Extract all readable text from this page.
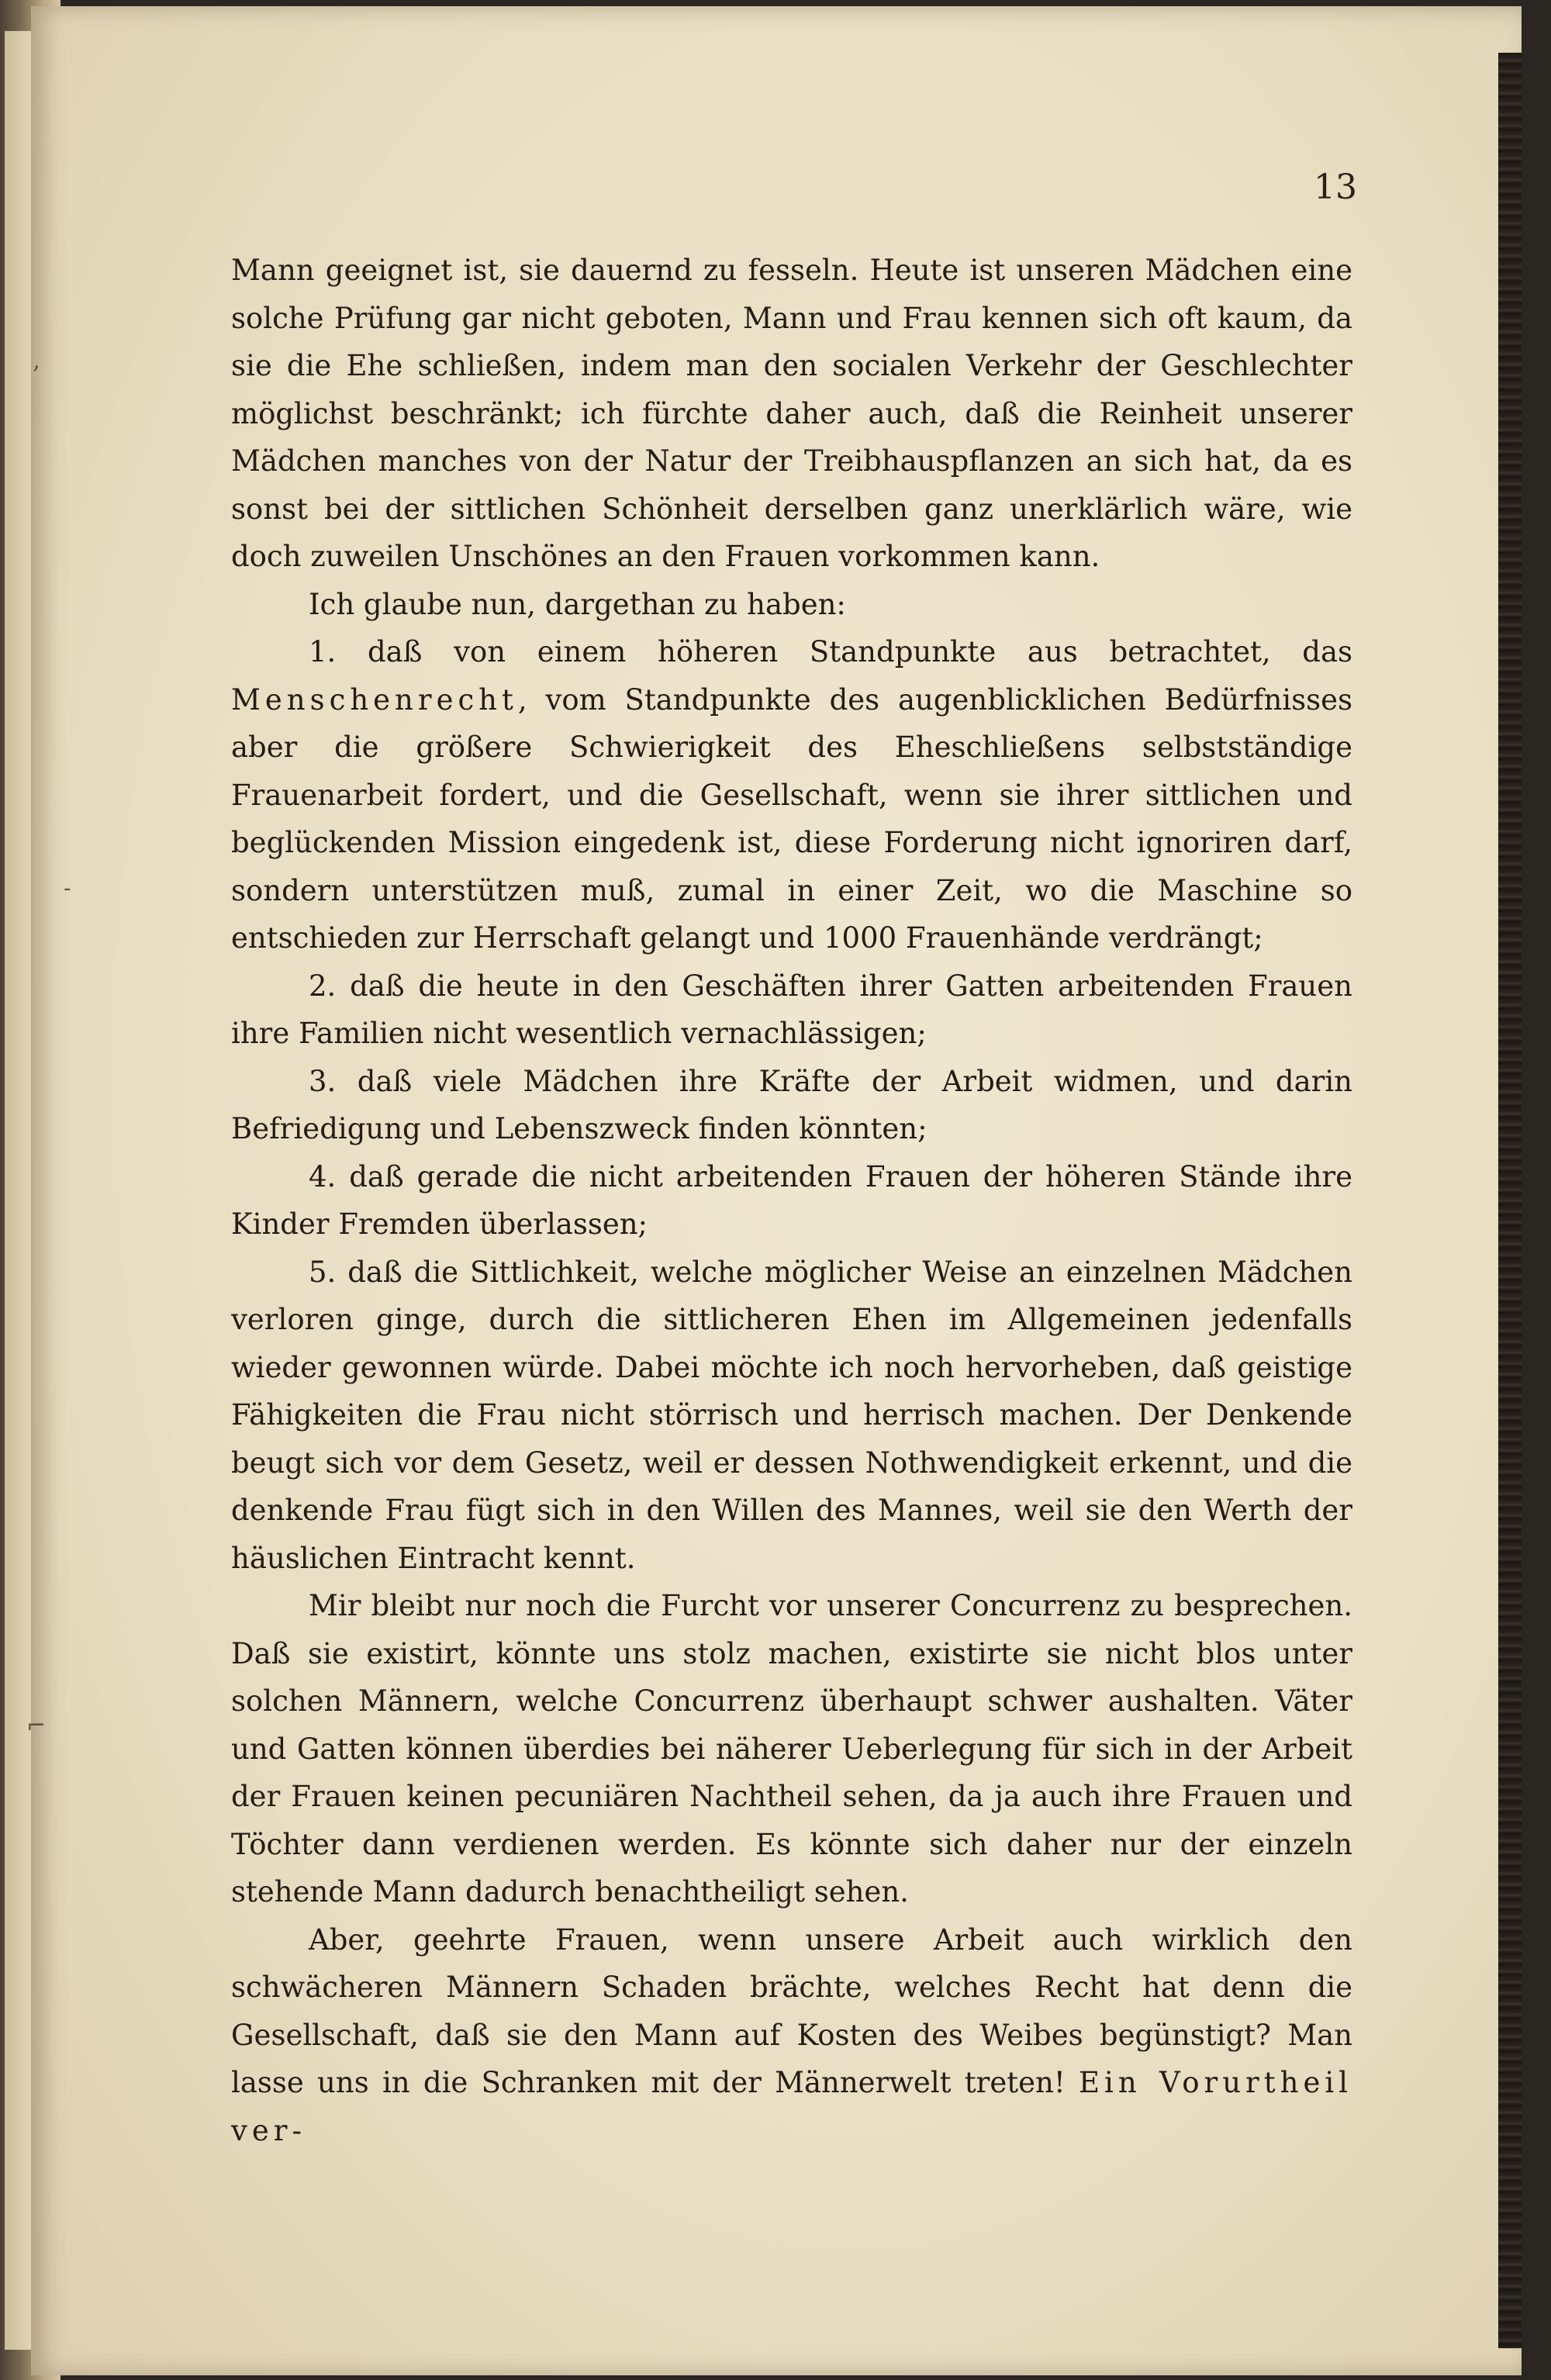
‚
˗
⌐
13

Mann geeignet ist, sie dauernd zu fesseln. Heute ist unseren Mädchen eine solche Prüfung gar nicht geboten, Mann und Frau kennen sich oft kaum, da sie die Ehe schließen, indem man den socialen Verkehr der Geschlechter möglichst beschränkt; ich fürchte daher auch, daß die Reinheit unserer Mädchen manches von der Natur der Treibhauspflanzen an sich hat, da es sonst bei der sittlichen Schönheit derselben ganz unerklärlich wäre, wie doch zuweilen Unschönes an den Frauen vorkommen kann.

Ich glaube nun, dargethan zu haben:

1. daß von einem höheren Standpunkte aus betrachtet, das Menschenrecht, vom Standpunkte des augenblicklichen Bedürfnisses aber die größere Schwierigkeit des Eheschließens selbstständige Frauenarbeit fordert, und die Gesellschaft, wenn sie ihrer sittlichen und beglückenden Mission eingedenk ist, diese Forderung nicht ignoriren darf, sondern unterstützen muß, zumal in einer Zeit, wo die Maschine so entschieden zur Herrschaft gelangt und 1000 Frauenhände verdrängt;

2. daß die heute in den Geschäften ihrer Gatten arbeitenden Frauen ihre Familien nicht wesentlich vernachlässigen;

3. daß viele Mädchen ihre Kräfte der Arbeit widmen, und darin Befriedigung und Lebenszweck finden könnten;

4. daß gerade die nicht arbeitenden Frauen der höheren Stände ihre Kinder Fremden überlassen;

5. daß die Sittlichkeit, welche möglicher Weise an einzelnen Mädchen verloren ginge, durch die sittlicheren Ehen im Allgemeinen jedenfalls wieder gewonnen würde. Dabei möchte ich noch hervorheben, daß geistige Fähigkeiten die Frau nicht störrisch und herrisch machen. Der Denkende beugt sich vor dem Gesetz, weil er dessen Nothwendigkeit erkennt, und die denkende Frau fügt sich in den Willen des Mannes, weil sie den Werth der häuslichen Eintracht kennt.

Mir bleibt nur noch die Furcht vor unserer Concurrenz zu besprechen. Daß sie existirt, könnte uns stolz machen, existirte sie nicht blos unter solchen Männern, welche Concurrenz überhaupt schwer aushalten. Väter und Gatten können überdies bei näherer Ueberlegung für sich in der Arbeit der Frauen keinen pecuniären Nachtheil sehen, da ja auch ihre Frauen und Töchter dann verdienen werden. Es könnte sich daher nur der einzeln stehende Mann dadurch benachtheiligt sehen.

Aber, geehrte Frauen, wenn unsere Arbeit auch wirklich den schwächeren Männern Schaden brächte, welches Recht hat denn die Gesellschaft, daß sie den Mann auf Kosten des Weibes begünstigt? Man lasse uns in die Schranken mit der Männerwelt treten! Ein Vorurtheil ver-
